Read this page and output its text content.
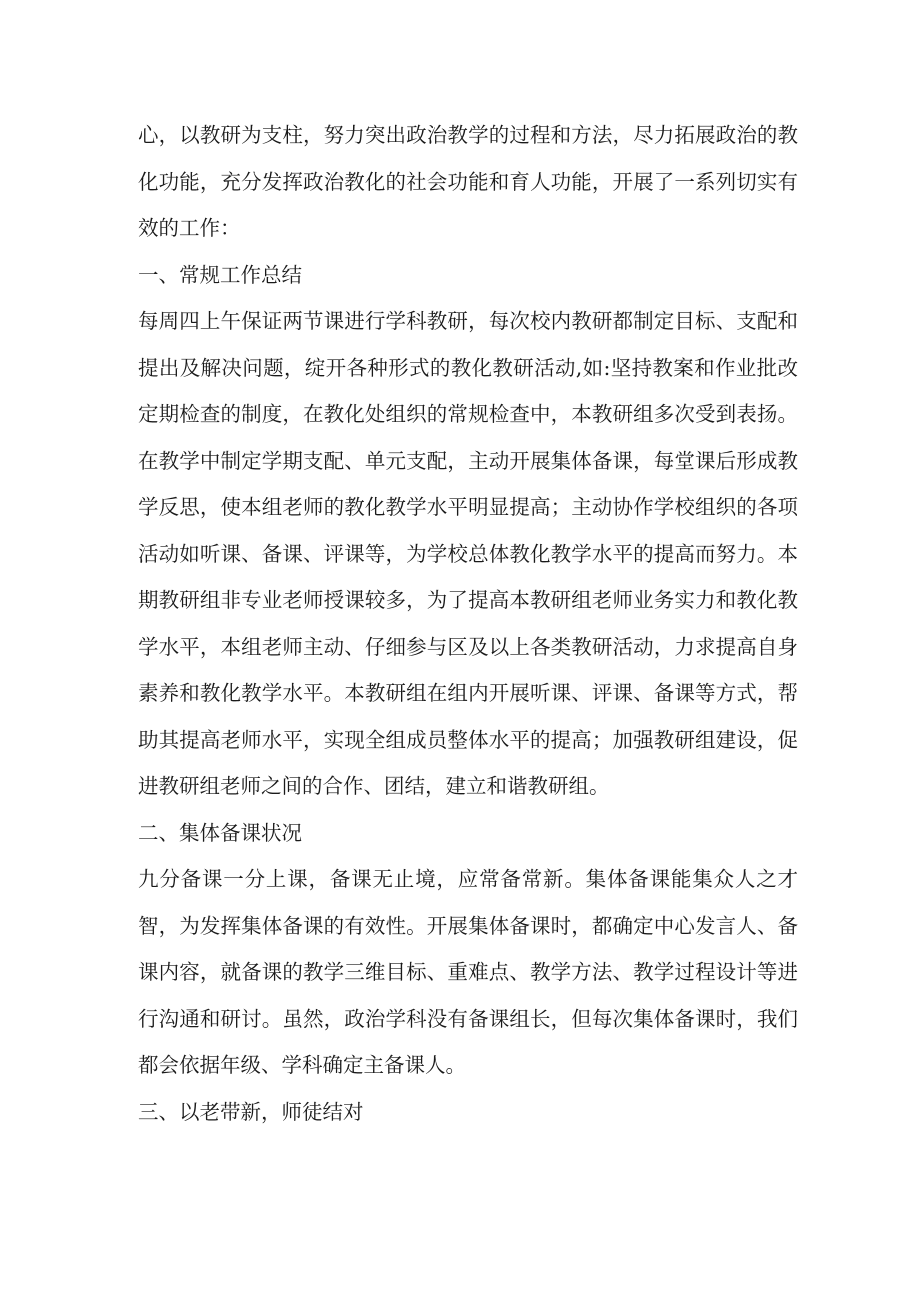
心，以教研为支柱，努力突出政治教学的过程和方法，尽力拓展政治的教化功能，充分发挥政治教化的社会功能和育人功能，开展了一系列切实有效的工作：

一、常规工作总结

每周四上午保证两节课进行学科教研，每次校内教研都制定目标、支配和提出及解决问题，绽开各种形式的教化教研活动,如:坚持教案和作业批改定期检查的制度，在教化处组织的常规检查中，本教研组多次受到表扬。在教学中制定学期支配、单元支配，主动开展集体备课，每堂课后形成教学反思，使本组老师的教化教学水平明显提高；主动协作学校组织的各项活动如听课、备课、评课等，为学校总体教化教学水平的提高而努力。本期教研组非专业老师授课较多，为了提高本教研组老师业务实力和教化教学水平，本组老师主动、仔细参与区及以上各类教研活动，力求提高自身素养和教化教学水平。本教研组在组内开展听课、评课、备课等方式，帮助其提高老师水平，实现全组成员整体水平的提高；加强教研组建设，促进教研组老师之间的合作、团结，建立和谐教研组。

二、集体备课状况

九分备课一分上课，备课无止境，应常备常新。集体备课能集众人之才智，为发挥集体备课的有效性。开展集体备课时，都确定中心发言人、备课内容，就备课的教学三维目标、重难点、教学方法、教学过程设计等进行沟通和研讨。虽然，政治学科没有备课组长，但每次集体备课时，我们都会依据年级、学科确定主备课人。

三、以老带新，师徒结对
